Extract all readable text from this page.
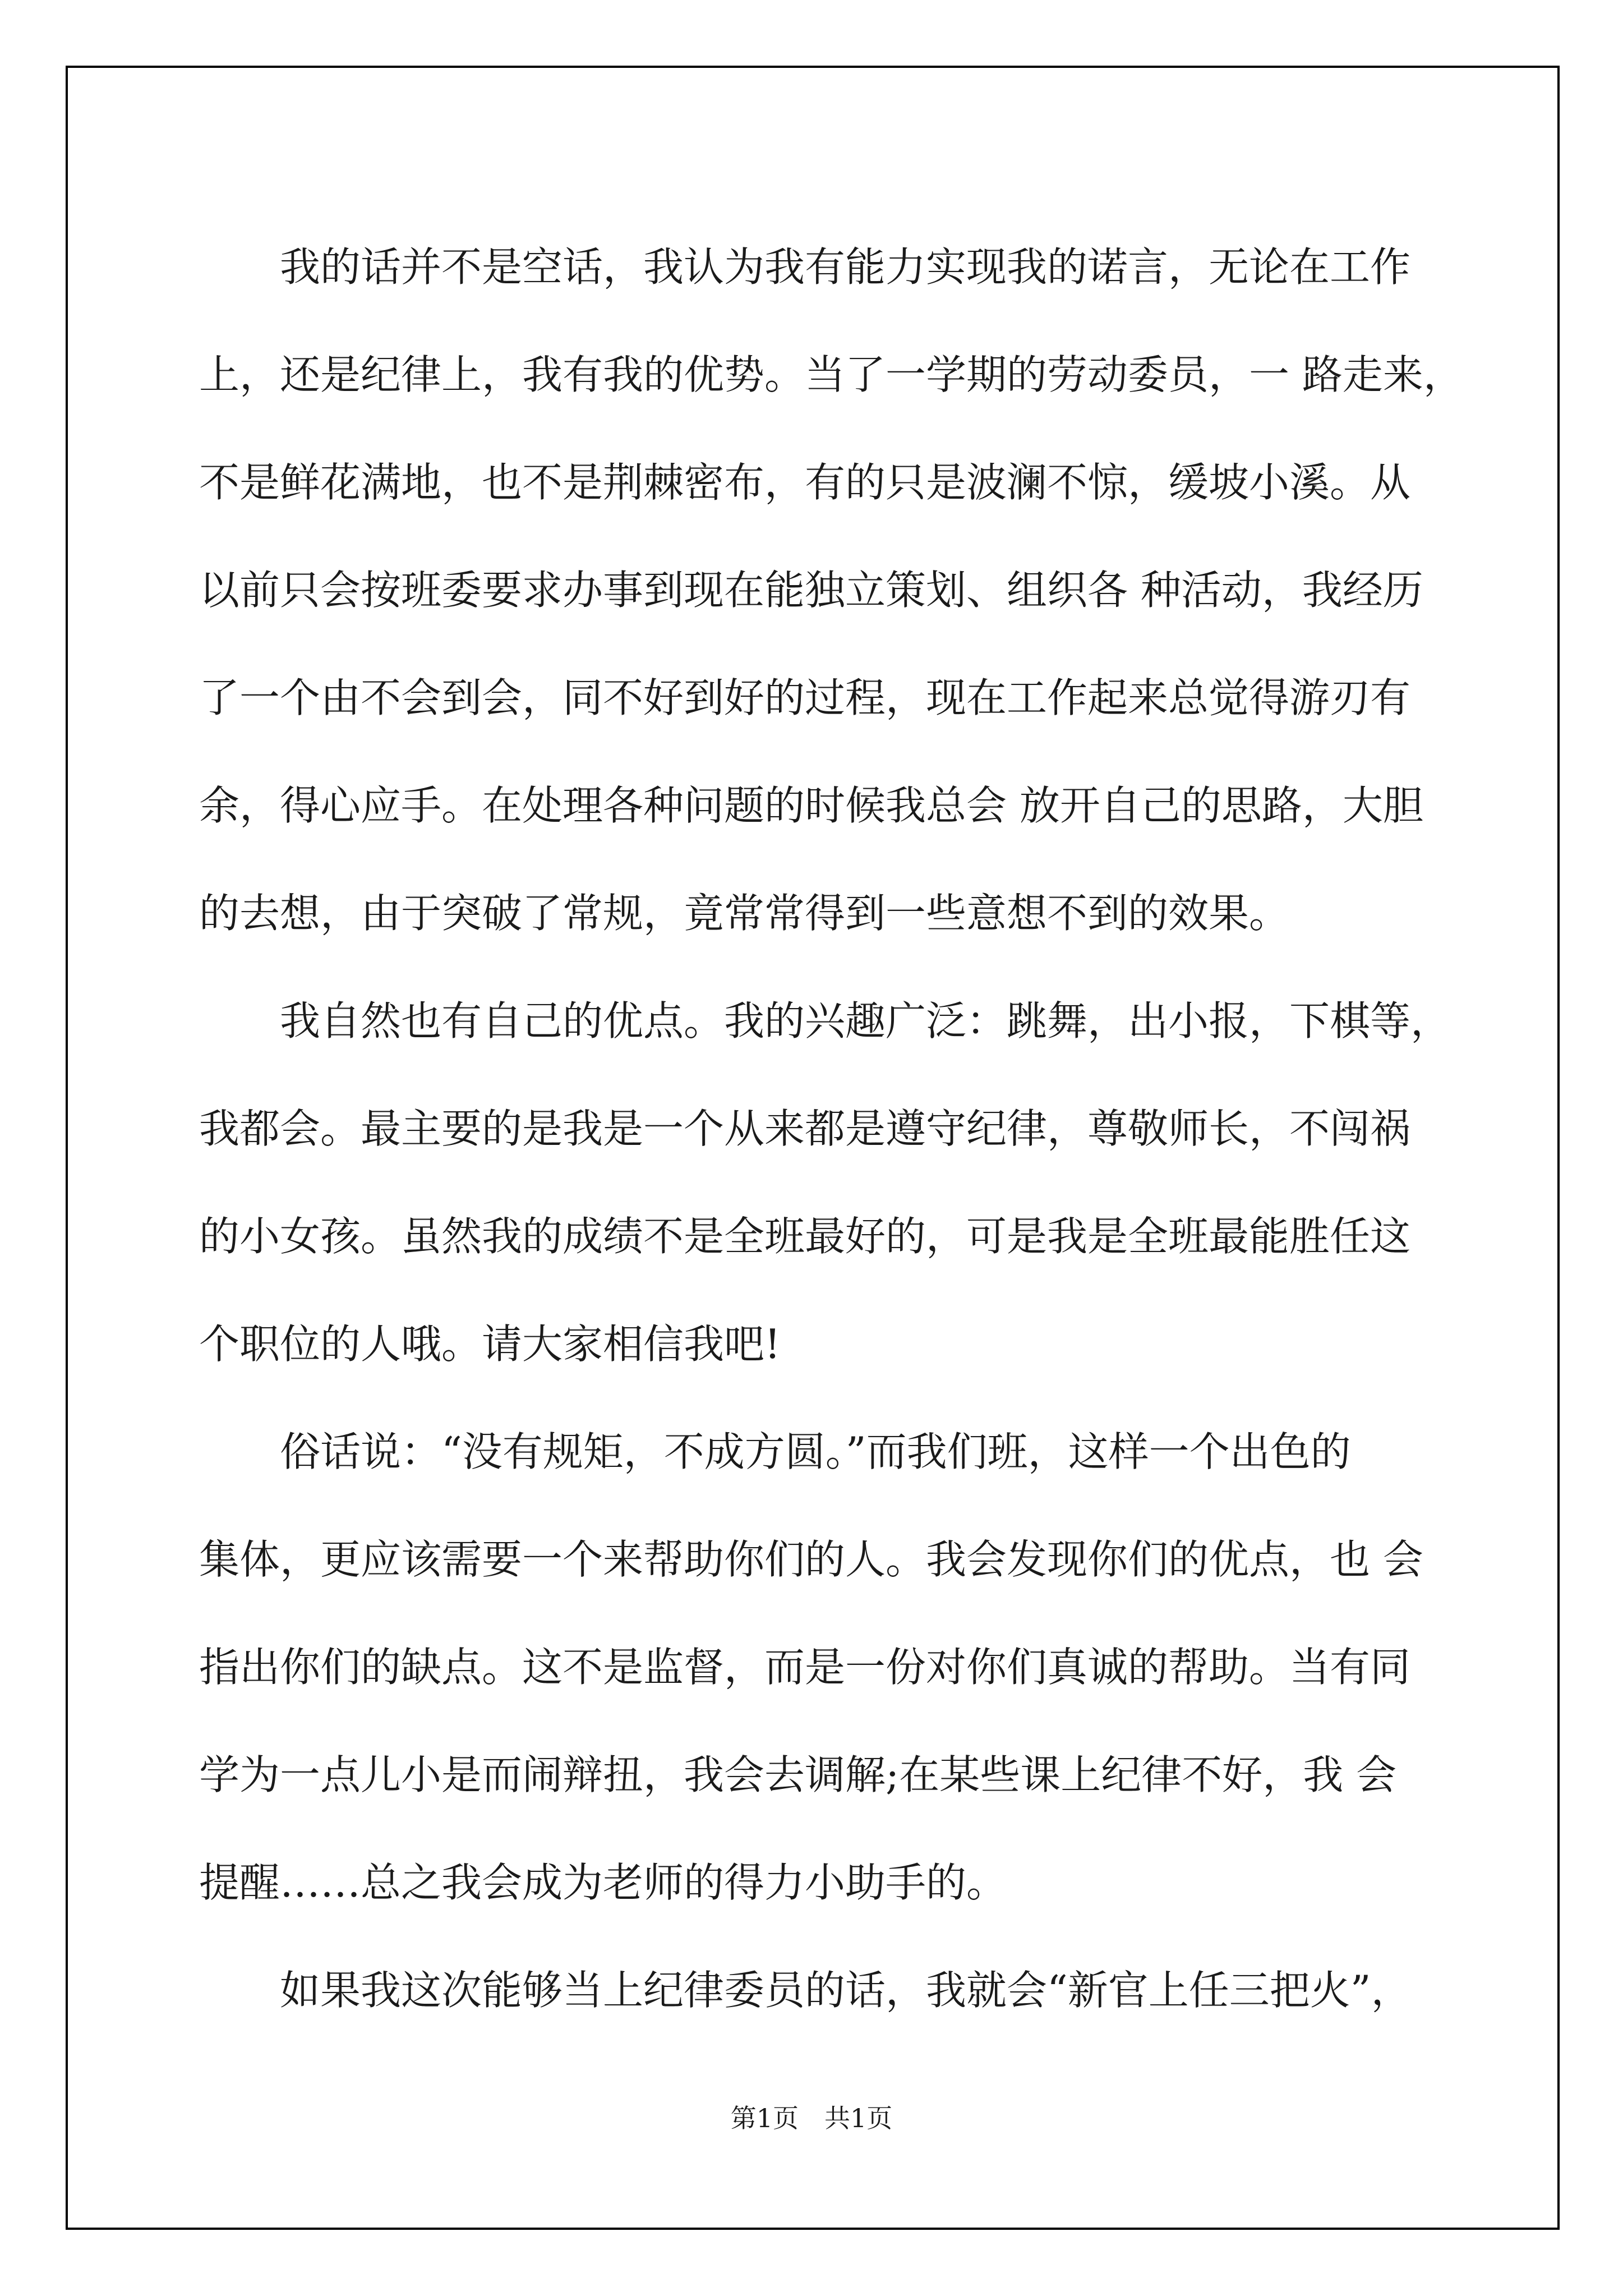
　　我的话并不是空话，我认为我有能力实现我的诺言，无论在工作
上，还是纪律上，我有我的优势。当了一学期的劳动委员，一 路走来，
不是鲜花满地，也不是荆棘密布，有的只是波澜不惊，缓坡小溪。从
以前只会按班委要求办事到现在能独立策划、组织各 种活动，我经历
了一个由不会到会，同不好到好的过程，现在工作起来总觉得游刃有
余，得心应手。在处理各种问题的时候我总会 放开自己的思路，大胆
的去想，由于突破了常规，竟常常得到一些意想不到的效果。
　　我自然也有自己的优点。我的兴趣广泛：跳舞，出小报，下棋等，
我都会。最主要的是我是一个从来都是遵守纪律，尊敬师长，不闯祸
的小女孩。虽然我的成绩不是全班最好的，可是我是全班最能胜任这
个职位的人哦。请大家相信我吧!
　　俗话说：“没有规矩，不成方圆。”而我们班，这样一个出色的
集体，更应该需要一个来帮助你们的人。我会发现你们的优点，也 会
指出你们的缺点。这不是监督，而是一份对你们真诚的帮助。当有同
学为一点儿小是而闹辩扭，我会去调解;在某些课上纪律不好，我 会
提醒……总之我会成为老师的得力小助手的。
　　如果我这次能够当上纪律委员的话，我就会“新官上任三把火”，
第1页　共1页
